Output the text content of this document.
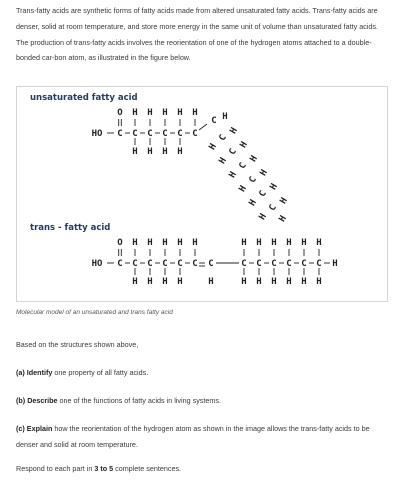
Trans-fatty acids are synthetic forms of fatty acids made from altered unsaturated fatty acids. Trans-fatty acids are denser, solid at room temperature, and store more energy in the same unit of volume than unsaturated fatty acids. The production of trans-fatty acids involves the reorientation of one of the hydrogen atoms attached to a double-bonded car-bon atom, as illustrated in the figure below.

unsaturated fatty acid
trans - fatty acid
HO C
O
C
H
H
C
H
H
C
H
H
C
H
H
C
H
C H
C
H
H
C
H
H
C
H
H
C
H
H
C
H
H
C
H
H H
HO C
O
C
H
H
C
H
H
C
H
H
C
H
H
C
H
C
H
C
H
H
C
H
H
C
H
H
C
H
H
C
H
H
C
H
H
H

Molecular model of an unsaturated and trans fatty acid

Based on the structures shown above,

(a) Identify one property of all fatty acids.

(b) Describe one of the functions of fatty acids in living systems.

(c) Explain how the reorientation of the hydrogen atom as shown in the image allows the trans-fatty acids to be denser and solid at room temperature.

Respond to each part in 3 to 5 complete sentences.
